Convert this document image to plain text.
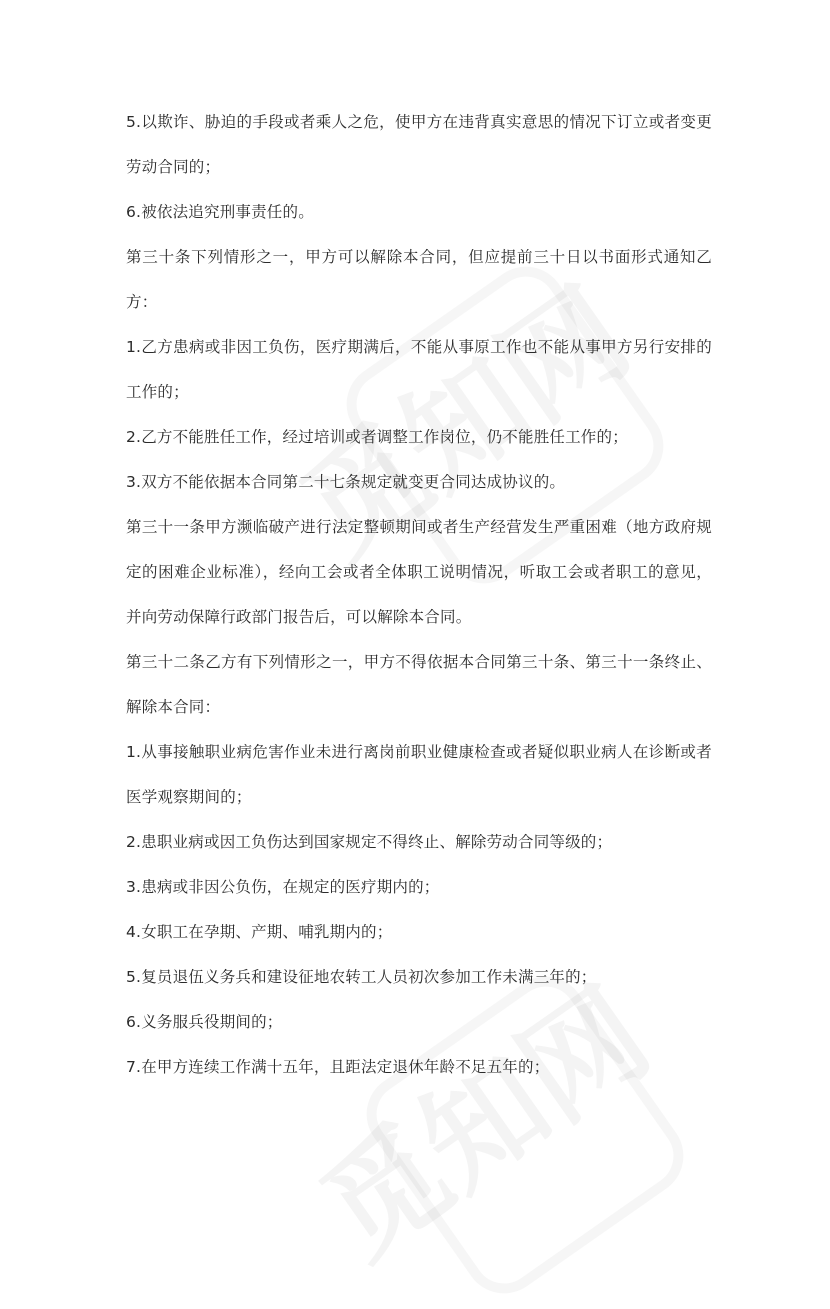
5.以欺诈、胁迫的手段或者乘人之危，使甲方在违背真实意思的情况下订立或者变更劳动合同的；

6.被依法追究刑事责任的。

第三十条下列情形之一，甲方可以解除本合同，但应提前三十日以书面形式通知乙方：

1.乙方患病或非因工负伤，医疗期满后，不能从事原工作也不能从事甲方另行安排的工作的；

2.乙方不能胜任工作，经过培训或者调整工作岗位，仍不能胜任工作的；

3.双方不能依据本合同第二十七条规定就变更合同达成协议的。

第三十一条甲方濒临破产进行法定整顿期间或者生产经营发生严重困难（地方政府规定的困难企业标准），经向工会或者全体职工说明情况，听取工会或者职工的意见，并向劳动保障行政部门报告后，可以解除本合同。

第三十二条乙方有下列情形之一，甲方不得依据本合同第三十条、第三十一条终止、解除本合同：

1.从事接触职业病危害作业未进行离岗前职业健康检查或者疑似职业病人在诊断或者医学观察期间的；

2.患职业病或因工负伤达到国家规定不得终止、解除劳动合同等级的；

3.患病或非因公负伤，在规定的医疗期内的；

4.女职工在孕期、产期、哺乳期内的；

5.复员退伍义务兵和建设征地农转工人员初次参加工作未满三年的；

6.义务服兵役期间的；

7.在甲方连续工作满十五年，且距法定退休年龄不足五年的；
